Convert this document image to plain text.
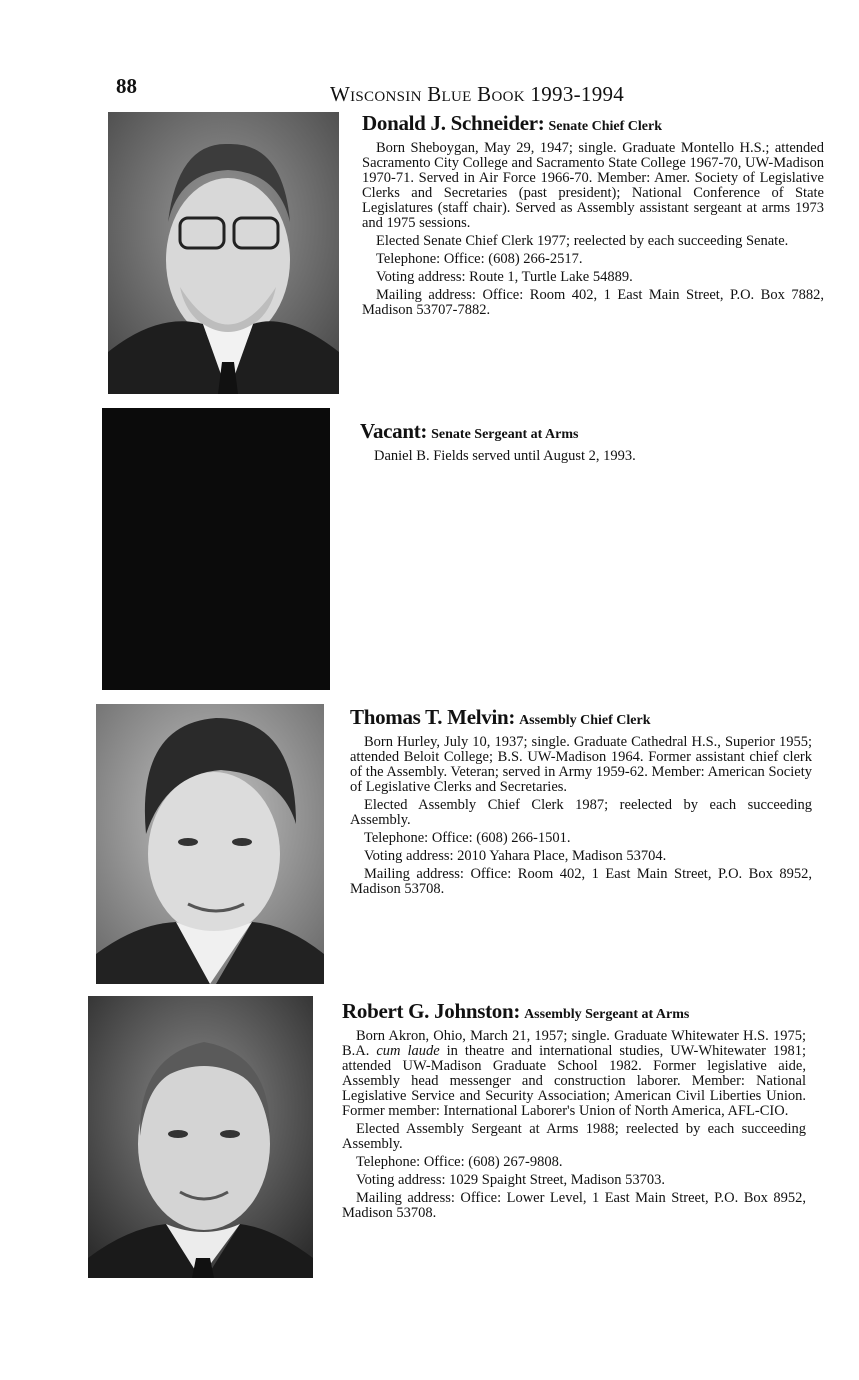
88	Wisconsin Blue Book 1993-1994
Donald J. Schneider: Senate Chief Clerk

Born Sheboygan, May 29, 1947; single. Graduate Montello H.S.; attended Sacramento City College and Sacramento State College 1967-70, UW-Madison 1970-71. Served in Air Force 1966-70. Member: Amer. Society of Legislative Clerks and Secretaries (past president); National Conference of State Legislatures (staff chair). Served as Assembly assistant sergeant at arms 1973 and 1975 sessions.

Elected Senate Chief Clerk 1977; reelected by each succeeding Senate.

Telephone: Office: (608) 266-2517.

Voting address: Route 1, Turtle Lake 54889.

Mailing address: Office: Room 402, 1 East Main Street, P.O. Box 7882, Madison 53707-7882.

Vacant: Senate Sergeant at Arms

Daniel B. Fields served until August 2, 1993.

Thomas T. Melvin: Assembly Chief Clerk

Born Hurley, July 10, 1937; single. Graduate Cathedral H.S., Superior 1955; attended Beloit College; B.S. UW-Madison 1964. Former assistant chief clerk of the Assembly. Veteran; served in Army 1959-62. Member: American Society of Legislative Clerks and Secretaries.

Elected Assembly Chief Clerk 1987; reelected by each succeeding Assembly.

Telephone: Office: (608) 266-1501.

Voting address: 2010 Yahara Place, Madison 53704.

Mailing address: Office: Room 402, 1 East Main Street, P.O. Box 8952, Madison 53708.

Robert G. Johnston: Assembly Sergeant at Arms

Born Akron, Ohio, March 21, 1957; single. Graduate Whitewater H.S. 1975; B.A. cum laude in theatre and international studies, UW-Whitewater 1981; attended UW-Madison Graduate School 1982. Former legislative aide, Assembly head messenger and construction laborer. Member: National Legislative Service and Security Association; American Civil Liberties Union. Former member: International Laborer's Union of North America, AFL-CIO.

Elected Assembly Sergeant at Arms 1988; reelected by each succeeding Assembly.

Telephone: Office: (608) 267-9808.

Voting address: 1029 Spaight Street, Madison 53703.

Mailing address: Office: Lower Level, 1 East Main Street, P.O. Box 8952, Madison 53708.
